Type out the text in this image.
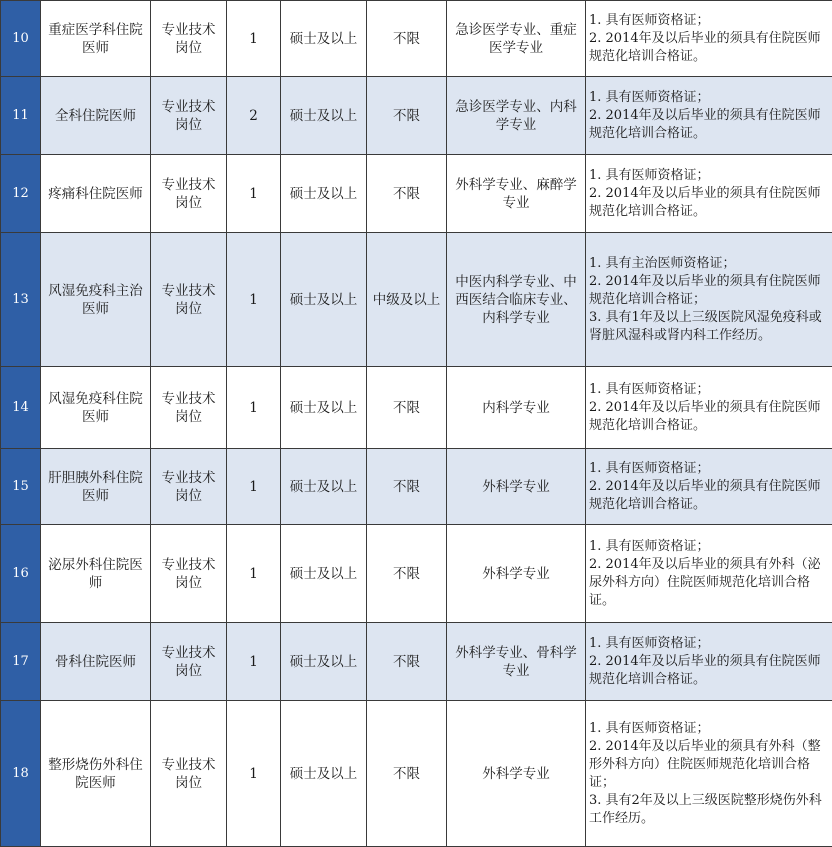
10	重症医学科住院医师	专业技术岗位	1	硕士及以上	不限	急诊医学专业、重症医学专业	1. 具有医师资格证；
2. 2014年及以后毕业的须具有住院医师规范化培训合格证。

11	全科住院医师	专业技术岗位	2	硕士及以上	不限	急诊医学专业、内科学专业	1. 具有医师资格证；
2. 2014年及以后毕业的须具有住院医师规范化培训合格证。

12	疼痛科住院医师	专业技术岗位	1	硕士及以上	不限	外科学专业、麻醉学专业	1. 具有医师资格证；
2. 2014年及以后毕业的须具有住院医师规范化培训合格证。

13	风湿免疫科主治医师	专业技术岗位	1	硕士及以上	中级及以上	中医内科学专业、中西医结合临床专业、内科学专业	1. 具有主治医师资格证；
2. 2014年及以后毕业的须具有住院医师规范化培训合格证；
3. 具有1年及以上三级医院风湿免疫科或肾脏风湿科或肾内科工作经历。

14	风湿免疫科住院医师	专业技术岗位	1	硕士及以上	不限	内科学专业	1. 具有医师资格证；
2. 2014年及以后毕业的须具有住院医师规范化培训合格证。

15	肝胆胰外科住院医师	专业技术岗位	1	硕士及以上	不限	外科学专业	1. 具有医师资格证；
2. 2014年及以后毕业的须具有住院医师规范化培训合格证。

16	泌尿外科住院医师	专业技术岗位	1	硕士及以上	不限	外科学专业	1. 具有医师资格证；
2. 2014年及以后毕业的须具有外科（泌尿外科方向）住院医师规范化培训合格证。

17	骨科住院医师	专业技术岗位	1	硕士及以上	不限	外科学专业、骨科学专业	1. 具有医师资格证；
2. 2014年及以后毕业的须具有住院医师规范化培训合格证。

18	整形烧伤外科住院医师	专业技术岗位	1	硕士及以上	不限	外科学专业	1. 具有医师资格证；
2. 2014年及以后毕业的须具有外科（整形外科方向）住院医师规范化培训合格证；
3. 具有2年及以上三级医院整形烧伤外科工作经历。
